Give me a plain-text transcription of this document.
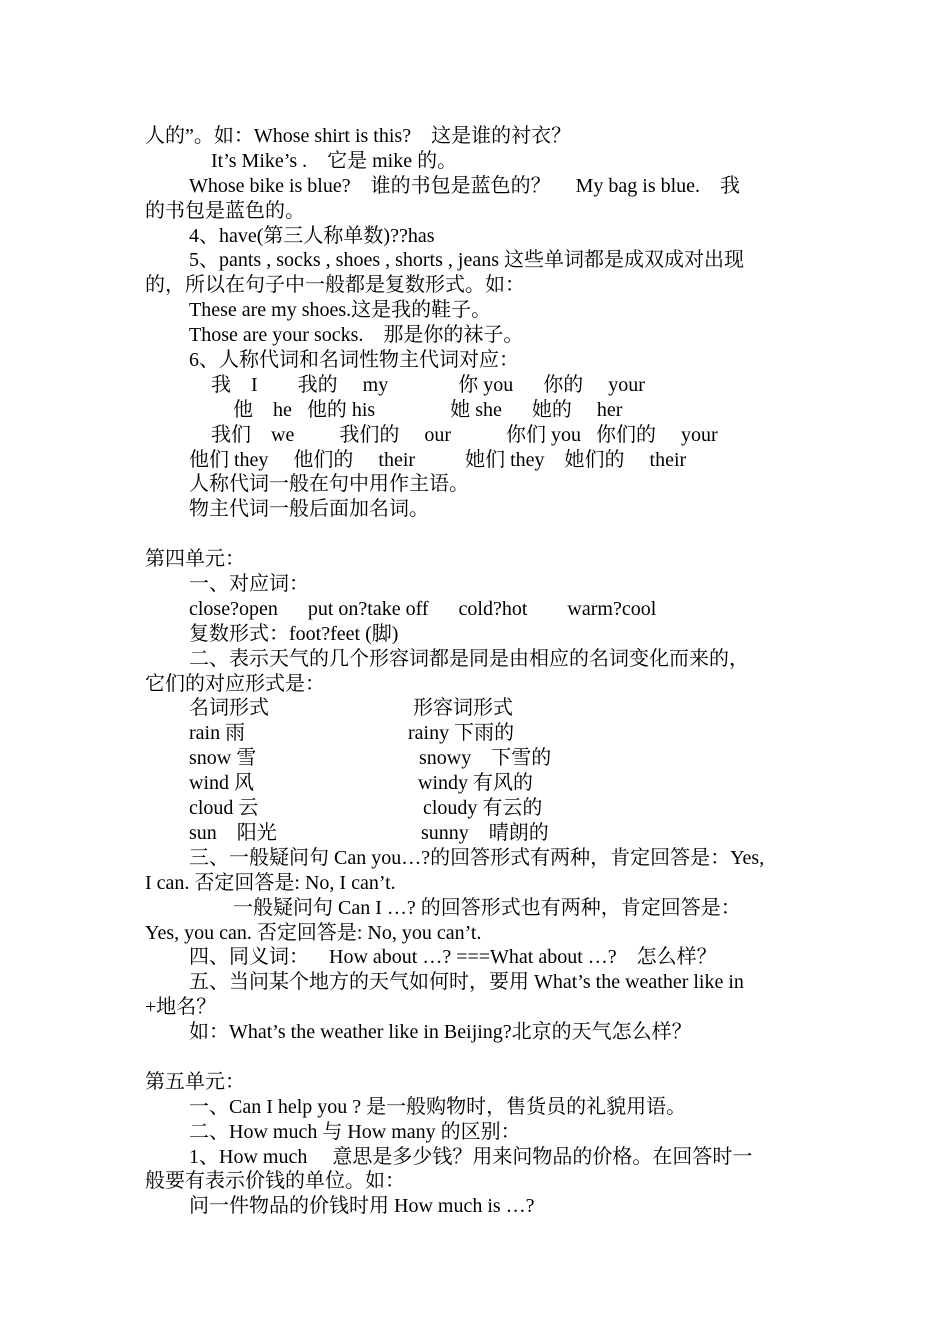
人的”。如：Whose shirt is this?    这是谁的衬衣？
It’s Mike’s .    它是 mike 的。
Whose bike is blue?    谁的书包是蓝色的？     My bag is blue.    我
的书包是蓝色的。
4、have(第三人称单数)??has
5、pants , socks , shoes , shorts , jeans 这些单词都是成双成对出现
的，所以在句子中一般都是复数形式。如：
These are my shoes.这是我的鞋子。
Those are your socks.    那是你的袜子。
6、人称代词和名词性物主代词对应：
我    I        我的     my              你 you      你的     your
他    he   他的 his               她 she      她的     her
我们    we         我们的     our           你们 you   你们的     your
他们 they     他们的     their          她们 they    她们的     their
人称代词一般在句中用作主语。
物主代词一般后面加名词。
第四单元：
一、对应词：
close?open      put on?take off      cold?hot        warm?cool
复数形式：foot?feet (脚)
二、表示天气的几个形容词都是同是由相应的名词变化而来的，
它们的对应形式是：
名词形式	形容词形式
rain 雨	rainy 下雨的
snow 雪	snowy    下雪的
wind 风	windy 有风的
cloud 云	cloudy 有云的
sun    阳光	sunny    晴朗的
三、一般疑问句 Can you…?的回答形式有两种，肯定回答是：Yes,
I can. 否定回答是: No, I can’t.
一般疑问句 Can I …? 的回答形式也有两种，肯定回答是：
Yes, you can. 否定回答是: No, you can’t.
四、同义词：    How about …? ===What about …?    怎么样？
五、当问某个地方的天气如何时，要用 What’s the weather like in
+地名？
如：What’s the weather like in Beijing?北京的天气怎么样？
第五单元：
一、Can I help you ? 是一般购物时，售货员的礼貌用语。
二、How much 与 How many 的区别：
1、How much     意思是多少钱？用来问物品的价格。在回答时一
般要有表示价钱的单位。如：
问一件物品的价钱时用 How much is …?
